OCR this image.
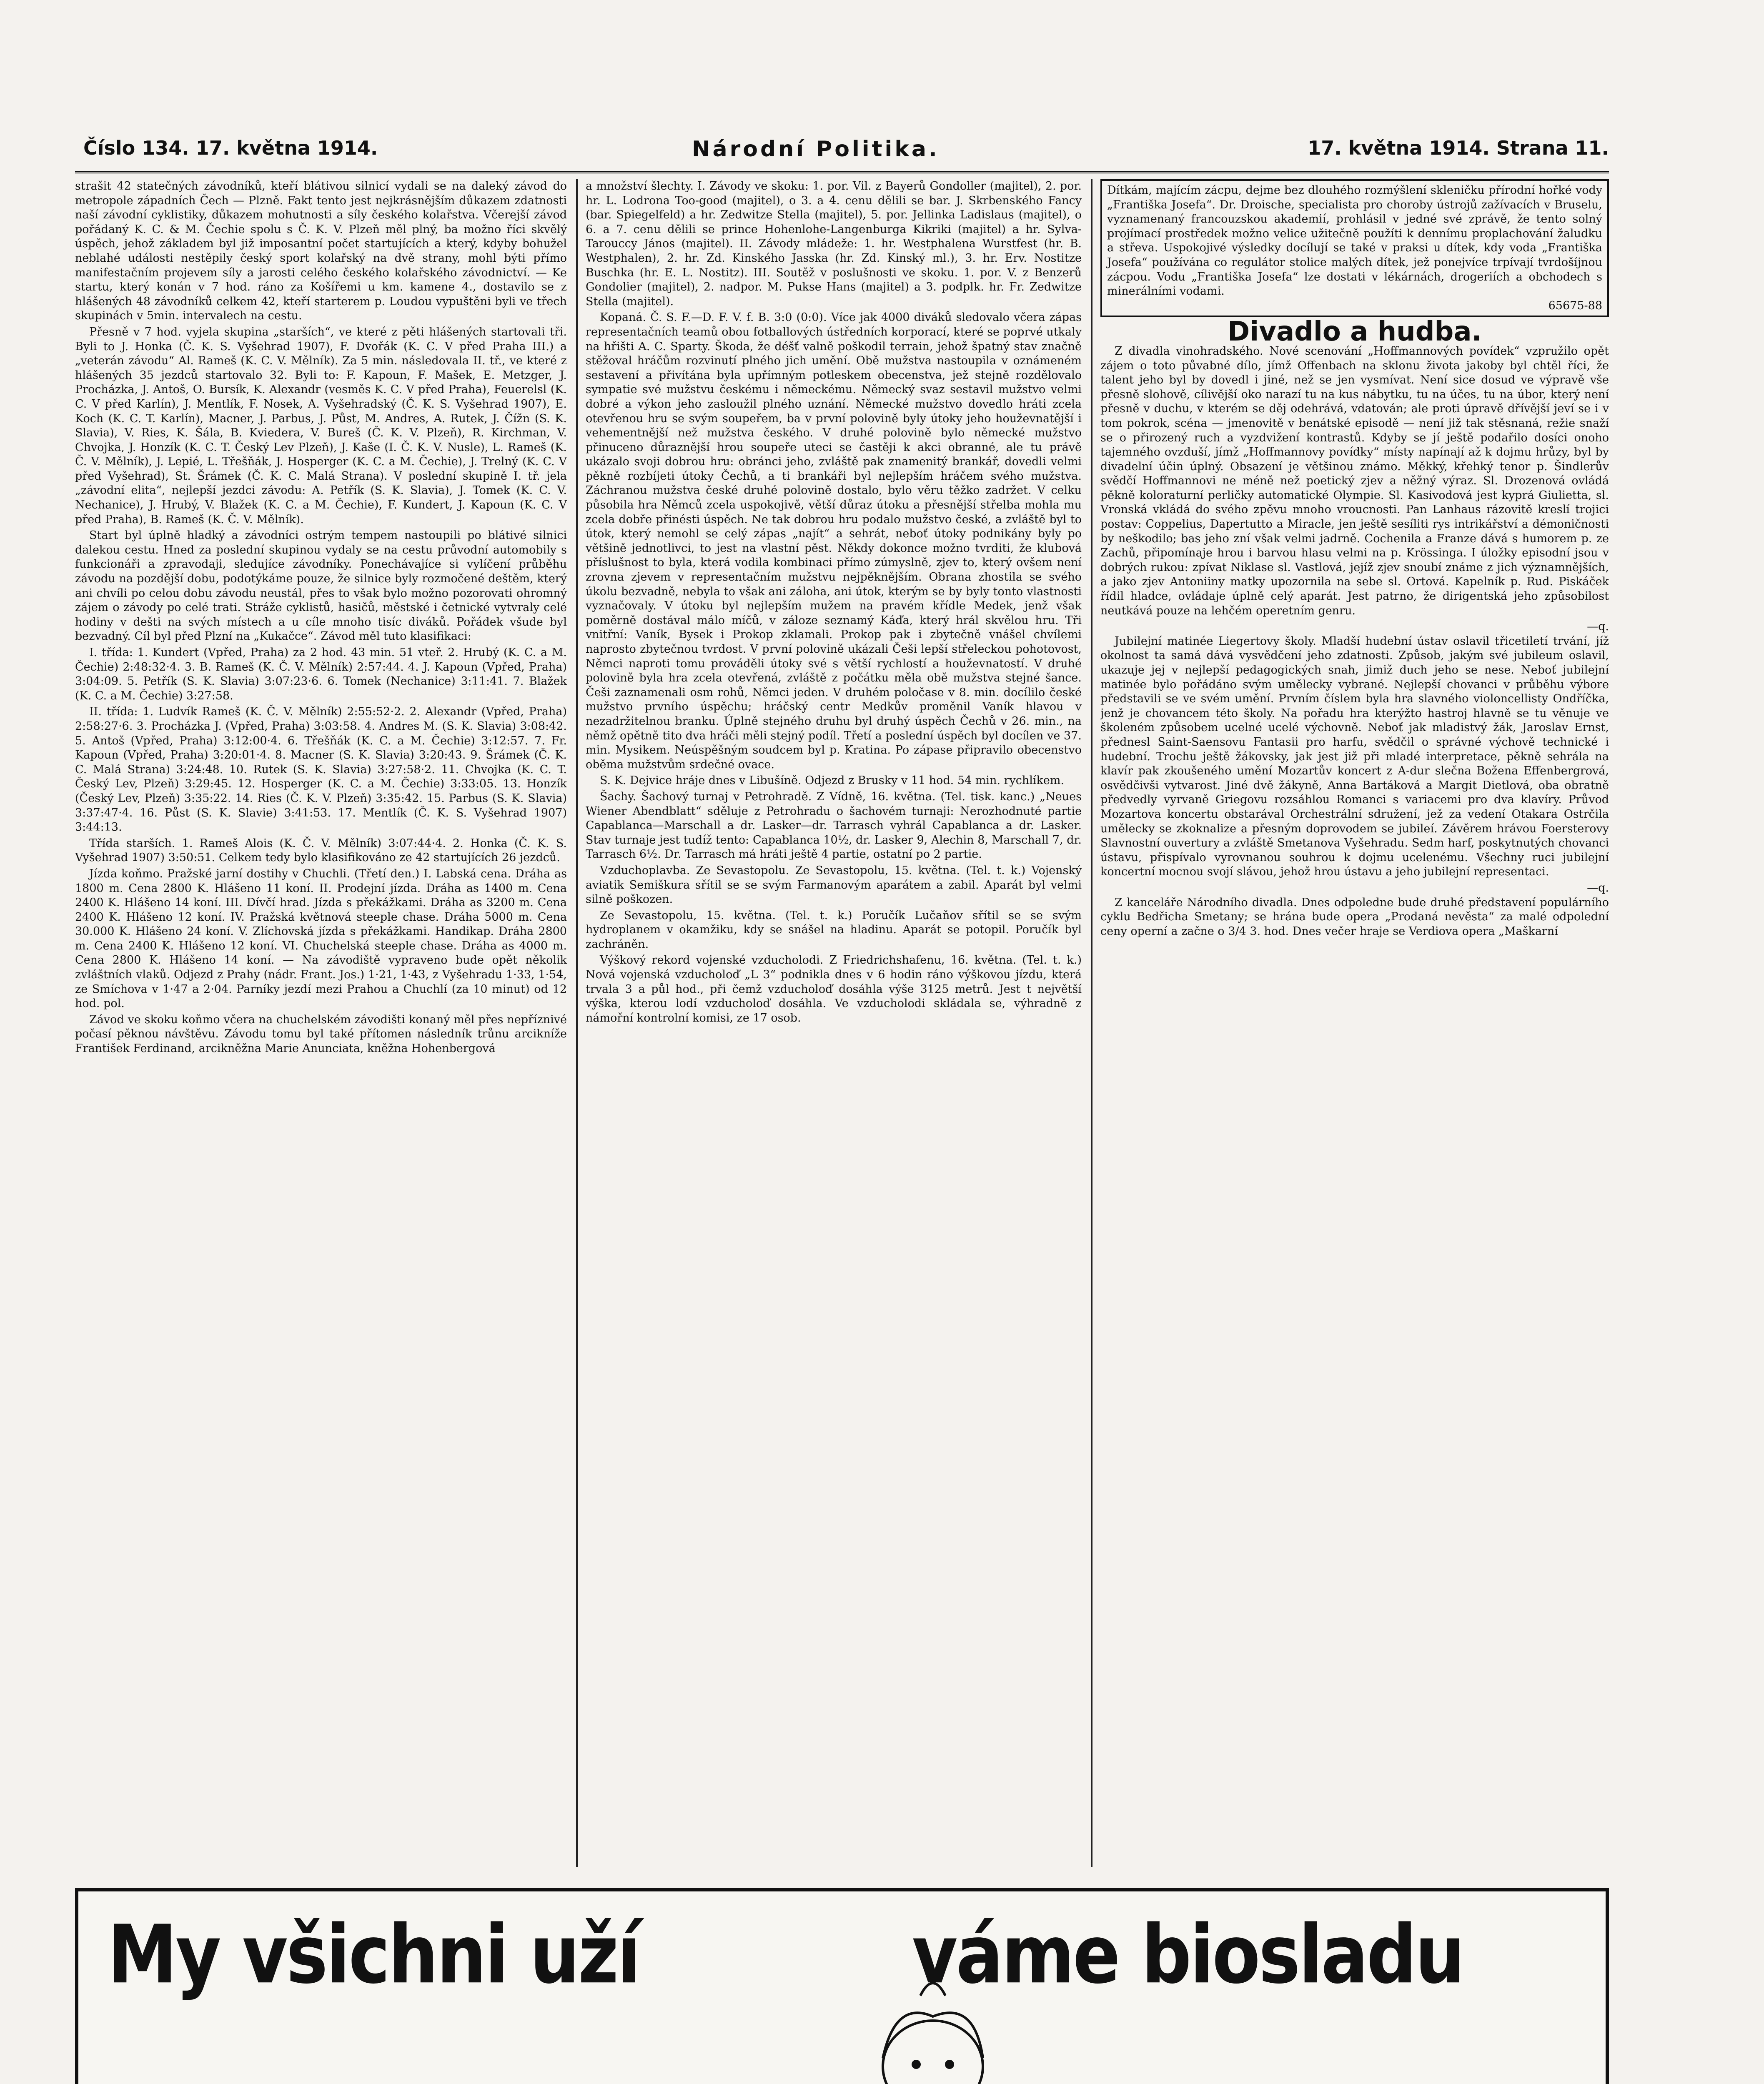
Číslo 134. 17. května 1914.	Národní Politika.	17. května 1914. Strana 11.

strašit 42 statečných závodníků, kteří blátivou silnicí vydali se na daleký závod do metropole západních Čech — Plzně. Fakt tento jest nejkrásnějším důkazem zdatnosti naší závodní cyklistiky, důkazem mohutnosti a síly českého kolařstva. Včerejší závod pořádaný K. C. & M. Čechie spolu s Č. K. V. Plzeň měl plný, ba možno říci skvělý úspěch, jehož základem byl již imposantní počet startujících a který, kdyby bohužel neblahé události nestěpily český sport kolařský na dvě strany, mohl býti přímo manifestačním projevem síly a jarosti celého českého kolařského závodnictví. — Ke startu, který konán v 7 hod. ráno za Košířemi u km. kamene 4., dostavilo se z hlášených 48 závodníků celkem 42, kteří starterem p. Loudou vypuštěni byli ve třech skupinách v 5min. intervalech na cestu.

Přesně v 7 hod. vyjela skupina „starších“, ve které z pěti hlášených startovali tři. Byli to J. Honka (Č. K. S. Vyšehrad 1907), F. Dvořák (K. C. V před Praha III.) a „veterán závodu“ Al. Rameš (K. C. V. Mělník). Za 5 min. následovala II. tř., ve které z hlášených 35 jezdců startovalo 32. Byli to: F. Kapoun, F. Mašek, E. Metzger, J. Procházka, J. Antoš, O. Bursík, K. Alexandr (vesměs K. C. V před Praha), Feuerelsl (K. C. V před Karlín), J. Mentlík, F. Nosek, A. Vyšehradský (Č. K. S. Vyšehrad 1907), E. Koch (K. C. T. Karlín), Macner, J. Parbus, J. Půst, M. Andres, A. Rutek, J. Čížn (S. K. Slavia), V. Ries, K. Šála, B. Kviedera, V. Bureš (Č. K. V. Plzeň), R. Kirchman, V. Chvojka, J. Honzík (K. C. T. Český Lev Plzeň), J. Kaše (I. Č. K. V. Nusle), L. Rameš (K. Č. V. Mělník), J. Lepié, L. Třešňák, J. Hosperger (K. C. a M. Čechie), J. Trelný (K. C. V před Vyšehrad), St. Šrámek (Č. K. C. Malá Strana). V poslední skupině I. tř. jela „závodní elita“, nejlepší jezdci závodu: A. Petřík (S. K. Slavia), J. Tomek (K. C. V. Nechanice), J. Hrubý, V. Blažek (K. C. a M. Čechie), F. Kundert, J. Kapoun (K. C. V před Praha), B. Rameš (K. Č. V. Mělník).

Start byl úplně hladký a závodníci ostrým tempem nastoupili po blátivé silnici dalekou cestu. Hned za poslední skupinou vydaly se na cestu průvodní automobily s funkcionáři a zpravodaji, sledujíce závodníky. Ponechávajíce si vylíčení průběhu závodu na pozdější dobu, podotýkáme pouze, že silnice byly rozmočené deštěm, který ani chvíli po celou dobu závodu neustál, přes to však bylo možno pozorovati ohromný zájem o závody po celé trati. Stráže cyklistů, hasičů, městské i četnické vytvraly celé hodiny v dešti na svých místech a u cíle mnoho tisíc diváků. Pořádek všude byl bezvadný. Cíl byl před Plzní na „Kukačce“. Závod měl tuto klasifikaci:

I. třída: 1. Kundert (Vpřed, Praha) za 2 hod. 43 min. 51 vteř. 2. Hrubý (K. C. a M. Čechie) 2:48:32·4. 3. B. Rameš (K. Č. V. Mělník) 2:57:44. 4. J. Kapoun (Vpřed, Praha) 3:04:09. 5. Petřík (S. K. Slavia) 3:07:23·6. 6. Tomek (Nechanice) 3:11:41. 7. Blažek (K. C. a M. Čechie) 3:27:58.

II. třída: 1. Ludvík Rameš (K. Č. V. Mělník) 2:55:52·2. 2. Alexandr (Vpřed, Praha) 2:58:27·6. 3. Procházka J. (Vpřed, Praha) 3:03:58. 4. Andres M. (S. K. Slavia) 3:08:42. 5. Antoš (Vpřed, Praha) 3:12:00·4. 6. Třešňák (K. C. a M. Čechie) 3:12:57. 7. Fr. Kapoun (Vpřed, Praha) 3:20:01·4. 8. Macner (S. K. Slavia) 3:20:43. 9. Šrámek (Č. K. C. Malá Strana) 3:24:48. 10. Rutek (S. K. Slavia) 3:27:58·2. 11. Chvojka (K. C. T. Český Lev, Plzeň) 3:29:45. 12. Hosperger (K. C. a M. Čechie) 3:33:05. 13. Honzík (Český Lev, Plzeň) 3:35:22. 14. Ries (Č. K. V. Plzeň) 3:35:42. 15. Parbus (S. K. Slavia) 3:37:47·4. 16. Půst (S. K. Slavie) 3:41:53. 17. Mentlík (Č. K. S. Vyšehrad 1907) 3:44:13.

Třída starších. 1. Rameš Alois (K. Č. V. Mělník) 3:07:44·4. 2. Honka (Č. K. S. Vyšehrad 1907) 3:50:51. Celkem tedy bylo klasifikováno ze 42 startujících 26 jezdců.

Jízda koňmo. Pražské jarní dostihy v Chuchli. (Třetí den.) I. Labská cena. Dráha as 1800 m. Cena 2800 K. Hlášeno 11 koní. II. Prodejní jízda. Dráha as 1400 m. Cena 2400 K. Hlášeno 14 koní. III. Dívčí hrad. Jízda s překážkami. Dráha as 3200 m. Cena 2400 K. Hlášeno 12 koní. IV. Pražská květnová steeple chase. Dráha 5000 m. Cena 30.000 K. Hlášeno 24 koní. V. Zlíchovská jízda s překážkami. Handikap. Dráha 2800 m. Cena 2400 K. Hlášeno 12 koní. VI. Chuchelská steeple chase. Dráha as 4000 m. Cena 2800 K. Hlášeno 14 koní. — Na závodiště vypraveno bude opět několik zvláštních vlaků. Odjezd z Prahy (nádr. Frant. Jos.) 1·21, 1·43, z Vyšehradu 1·33, 1·54, ze Smíchova v 1·47 a 2·04. Parníky jezdí mezi Prahou a Chuchlí (za 10 minut) od 12 hod. pol.

Závod ve skoku koňmo včera na chuchelském závodišti konaný měl přes nepříznivé počasí pěknou návštěvu. Závodu tomu byl také přítomen následník trůnu arcikníže František Ferdinand, arcikněžna Marie Anunciata, kněžna Hohenbergová

a množství šlechty. I. Závody ve skoku: 1. por. Vil. z Bayerů Gondoller (majitel), 2. por. hr. L. Lodrona Too-good (majitel), o 3. a 4. cenu dělili se bar. J. Skrbenského Fancy (bar. Spiegelfeld) a hr. Zedwitze Stella (majitel), 5. por. Jellinka Ladislaus (majitel), o 6. a 7. cenu dělili se prince Hohenlohe-Langenburga Kikriki (majitel) a hr. Sylva-Tarouccy János (majitel). II. Závody mládeže: 1. hr. Westphalena Wurstfest (hr. B. Westphalen), 2. hr. Zd. Kinského Jasska (hr. Zd. Kinský ml.), 3. hr. Erv. Nostitze Buschka (hr. E. L. Nostitz). III. Soutěž v poslušnosti ve skoku. 1. por. V. z Benzerů Gondolier (majitel), 2. nadpor. M. Pukse Hans (majitel) a 3. podplk. hr. Fr. Zedwitze Stella (majitel).

Kopaná. Č. S. F.—D. F. V. f. B. 3:0 (0:0). Více jak 4000 diváků sledovalo včera zápas representačních teamů obou fotballových ústředních korporací, které se poprvé utkaly na hřišti A. C. Sparty. Škoda, že déšť valně poškodil terrain, jehož špatný stav značně stěžoval hráčům rozvinutí plného jich umění. Obě mužstva nastoupila v oznámeném sestavení a přivítána byla upřímným potleskem obecenstva, jež stejně rozdělovalo sympatie své mužstvu českému i německému. Německý svaz sestavil mužstvo velmi dobré a výkon jeho zasloužil plného uznání. Německé mužstvo dovedlo hráti zcela otevřenou hru se svým soupeřem, ba v první polovině byly útoky jeho houževnatější i vehementnější než mužstva českého. V druhé polovině bylo německé mužstvo přinuceno důraznější hrou soupeře uteci se častěji k akci obranné, ale tu právě ukázalo svoji dobrou hru: obránci jeho, zvláště pak znamenitý brankář, dovedli velmi pěkně rozbíjeti útoky Čechů, a ti brankáři byl nejlepším hráčem svého mužstva. Záchranou mužstva české druhé polovině dostalo, bylo věru těžko zadržet. V celku působila hra Němců zcela uspokojivě, větší důraz útoku a přesnější střelba mohla mu zcela dobře přinésti úspěch. Ne tak dobrou hru podalo mužstvo české, a zvláště byl to útok, který nemohl se celý zápas „najít“ a sehrát, neboť útoky podnikány byly po většině jednotlivci, to jest na vlastní pěst. Někdy dokonce možno tvrditi, že klubová příslušnost to byla, která vodila kombinaci přímo zúmyslně, zjev to, který ovšem není zrovna zjevem v representačním mužstvu nejpěknějším. Obrana zhostila se svého úkolu bezvadně, nebyla to však ani záloha, ani útok, kterým se by byly tonto vlastnosti vyznačovaly. V útoku byl nejlepším mužem na pravém křídle Medek, jenž však poměrně dostával málo míčů, v záloze seznamý Káďa, který hrál skvělou hru. Tři vnitřní: Vaník, Bysek i Prokop zklamali. Prokop pak i zbytečně vnášel chvílemi naprosto zbytečnou tvrdost. V první polovině ukázali Češi lepší střeleckou pohotovost, Němci naproti tomu prováděli útoky své s větší rychlostí a houževnatostí. V druhé polovině byla hra zcela otevřená, zvláště z počátku měla obě mužstva stejné šance. Češi zaznamenali osm rohů, Němci jeden. V druhém poločase v 8. min. docílilo české mužstvo prvního úspěchu; hráčský centr Medkův proměnil Vaník hlavou v nezadržitelnou branku. Úplně stejného druhu byl druhý úspěch Čechů v 26. min., na němž opětně tito dva hráči měli stejný podíl. Třetí a poslední úspěch byl docílen ve 37. min. Mysikem. Neúspěšným soudcem byl p. Kratina. Po zápase připravilo obecenstvo oběma mužstvům srdečné ovace.

S. K. Dejvice hráje dnes v Libušíně. Odjezd z Brusky v 11 hod. 54 min. rychlíkem.

Šachy. Šachový turnaj v Petrohradě. Z Vídně, 16. května. (Tel. tisk. kanc.) „Neues Wiener Abendblatt“ sděluje z Petrohradu o šachovém turnaji: Nerozhodnuté partie Capablanca—Marschall a dr. Lasker—dr. Tarrasch vyhrál Capablanca a dr. Lasker. Stav turnaje jest tudíž tento: Capablanca 10½, dr. Lasker 9, Alechin 8, Marschall 7, dr. Tarrasch 6½. Dr. Tarrasch má hráti ještě 4 partie, ostatní po 2 partie.

Vzduchoplavba. Ze Sevastopolu. Ze Sevastopolu, 15. května. (Tel. t. k.) Vojenský aviatik Semiškura sřítil se se svým Farmanovým aparátem a zabil. Aparát byl velmi silně poškozen.

Ze Sevastopolu, 15. května. (Tel. t. k.) Poručík Lučaňov sřítil se se svým hydroplanem v okamžiku, kdy se snášel na hladinu. Aparát se potopil. Poručík byl zachráněn.

Výškový rekord vojenské vzducholodi. Z Friedrichshafenu, 16. května. (Tel. t. k.) Nová vojenská vzducholoď „L 3“ podnikla dnes v 6 hodin ráno výškovou jízdu, která trvala 3 a půl hod., při čemž vzducholoď dosáhla výše 3125 metrů. Jest t největší výška, kterou lodí vzducholoď dosáhla. Ve vzducholodi skládala se, výhradně z námořní kontrolní komisi, ze 17 osob.

Dítkám, majícím zácpu, dejme bez dlouhého rozmýšlení skleničku přírodní hořké vody „Františka Josefa“. Dr. Droische, specialista pro choroby ústrojů zažívacích v Bruselu, vyznamenaný francouzskou akademií, prohlásil v jedné své zprávě, že tento solný projímací prostředek možno velice užitečně použíti k dennímu proplachování žaludku a střeva. Uspokojivé výsledky docílují se také v praksi u dítek, kdy voda „Františka Josefa“ používána co regulátor stolice malých dítek, jež ponejvíce trpívají tvrdošíjnou zácpou. Vodu „Františka Josefa“ lze dostati v lékárnách, drogeriích a obchodech s minerálními vodami.

65675-88
Divadlo a hudba.

Z divadla vinohradského. Nové scenování „Hoffmannových povídek“ vzpružilo opět zájem o toto půvabné dílo, jímž Offenbach na sklonu života jakoby byl chtěl říci, že talent jeho byl by dovedl i jiné, než se jen vysmívat. Není sice dosud ve výpravě vše přesně slohově, cílivější oko narazí tu na kus nábytku, tu na účes, tu na úbor, který není přesně v duchu, v kterém se děj odehrává, vdatován; ale proti úpravě dřívější jeví se i v tom pokrok, scéna — jmenovitě v benátské episodě — není již tak stěsnaná, režie snaží se o přirozený ruch a vyzdvižení kontrastů. Kdyby se jí ještě podařilo dosíci onoho tajemného ovzduší, jímž „Hoffmannovy povídky“ místy napínají až k dojmu hrůzy, byl by divadelní účin úplný. Obsazení je většinou známo. Měkký, křehký tenor p. Šindlerův svědčí Hoffmannovi ne méně než poetický zjev a něžný výraz. Sl. Drozenová ovládá pěkně koloraturní perličky automatické Olympie. Sl. Kasivodová jest kyprá Giulietta, sl. Vronská vkládá do svého zpěvu mnoho vroucnosti. Pan Lanhaus rázovitě kreslí trojici postav: Coppelius, Dapertutto a Miracle, jen ještě sesíliti rys intrikářství a démoničnosti by neškodilo; bas jeho zní však velmi jadrně. Cochenila a Franze dává s humorem p. ze Zachů, připomínaje hrou i barvou hlasu velmi na p. Krössinga. I úložky episodní jsou v dobrých rukou: zpívat Niklase sl. Vastlová, jejíž zjev snoubí známe z jich významnějších, a jako zjev Antoniiny matky upozornila na sebe sl. Ortová. Kapelník p. Rud. Piskáček řídil hladce, ovládaje úplně celý aparát. Jest patrno, že dirigentská jeho způsobilost neutkává pouze na lehčém operetním genru.

—q.

Jubilejní matinée Liegertovy školy. Mladší hudební ústav oslavil třicetiletí trvání, jíž okolnost ta samá dává vysvědčení jeho zdatnosti. Způsob, jakým své jubileum oslavil, ukazuje jej v nejlepší pedagogických snah, jimiž duch jeho se nese. Neboť jubilejní matinée bylo pořádáno svým umělecky vybrané. Nejlepší chovanci v průběhu výbore představili se ve svém umění. Prvním číslem byla hra slavného violoncellisty Ondříčka, jenž je chovancem této školy. Na pořadu hra kterýžto hastroj hlavně se tu věnuje ve školeném způsobem ucelné ucelé výchovně. Neboť jak mladistvý žák, Jaroslav Ernst, přednesl Saint-Saensovu Fantasii pro harfu, svědčil o správné výchově technické i hudební. Trochu ještě žákovsky, jak jest již při mladé interpretace, pěkně sehrála na klavír pak zkoušeného umění Mozartův koncert z A-dur slečna Božena Effenbergrová, osvědčivši vytvarost. Jiné dvě žákyně, Anna Bartáková a Margit Dietlová, oba obratně předvedly vyrvaně Griegovu rozsáhlou Romanci s variacemi pro dva klavíry. Průvod Mozartova koncertu obstarával Orchestrální sdružení, jež za vedení Otakara Ostrčila umělecky se zkoknalize a přesným doprovodem se jubileí. Závěrem hrávou Foersterovy Slavnostní ouvertury a zvláště Smetanova Vyšehradu. Sedm harf, poskytnutých chovanci ústavu, přispívalo vyrovnanou souhrou k dojmu ucelenému. Všechny ruci jubilejní koncertní mocnou svojí slávou, jehož hrou ústavu a jeho jubilejní representaci.

—q.

Z kanceláře Národního divadla. Dnes odpoledne bude druhé představení populárního cyklu Bedřicha Smetany; se hrána bude opera „Prodaná nevěsta“ za malé odpolední ceny operní a začne o 3/4 3. hod. Dnes večer hraje se Verdiova opera „Maškarní

My všichni uží	váme biosladu
